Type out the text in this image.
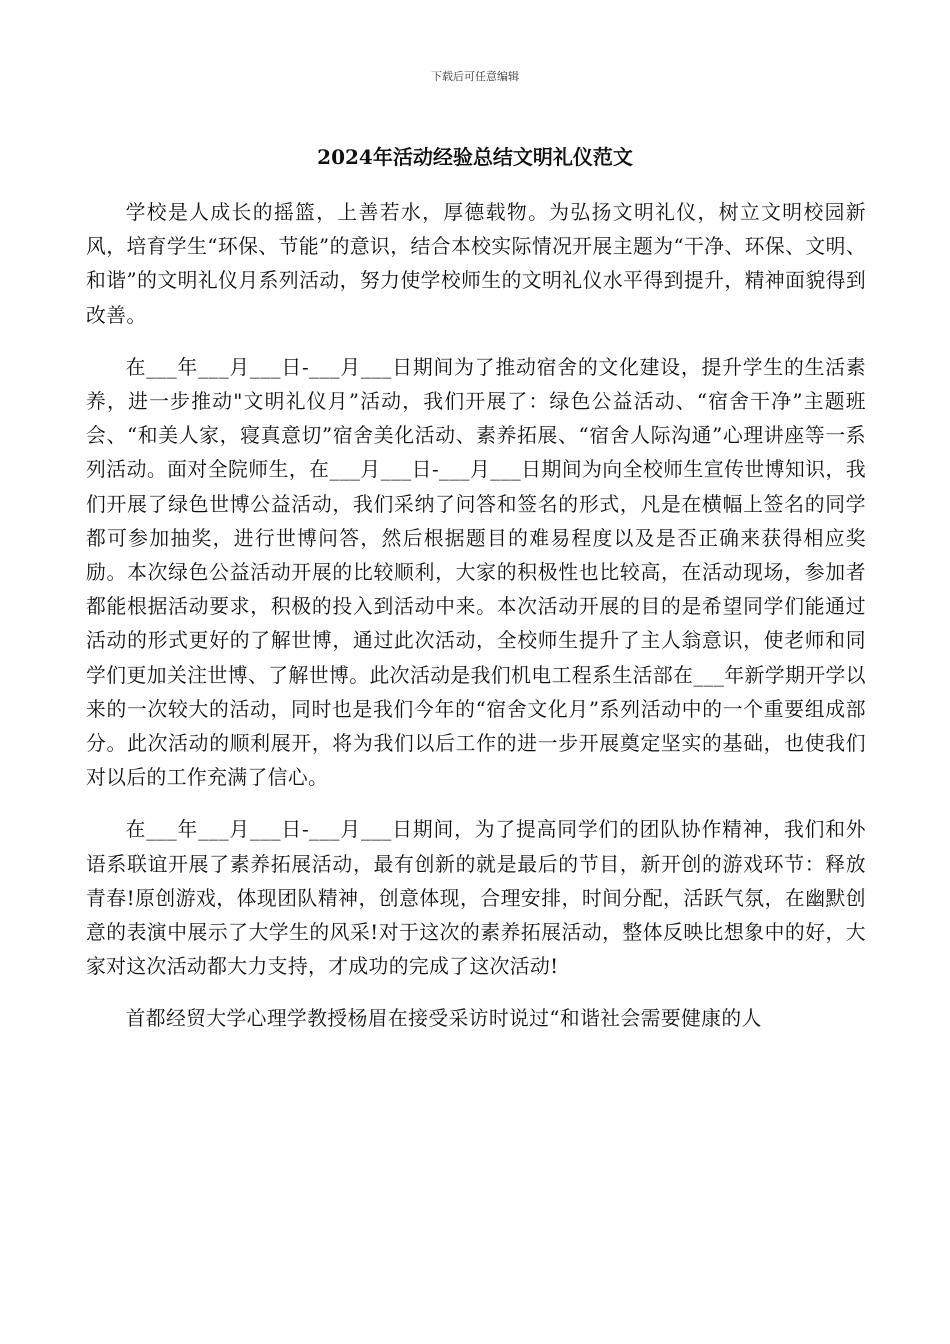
下载后可任意编辑
2024年活动经验总结文明礼仪范文

学校是人成长的摇篮，上善若水，厚德载物。为弘扬文明礼仪，树立文明校园新风，培育学生“环保、节能”的意识，结合本校实际情况开展主题为“干净、环保、文明、和谐”的文明礼仪月系列活动，努力使学校师生的文明礼仪水平得到提升，精神面貌得到改善。

在___年___月___日-___月___日期间为了推动宿舍的文化建设，提升学生的生活素养，进一步推动"文明礼仪月”活动，我们开展了：绿色公益活动、“宿舍干净”主题班会、“和美人家，寝真意切”宿舍美化活动、素养拓展、“宿舍人际沟通”心理讲座等一系列活动。面对全院师生，在___月___日-___月___日期间为向全校师生宣传世博知识，我们开展了绿色世博公益活动，我们采纳了问答和签名的形式，凡是在横幅上签名的同学都可参加抽奖，进行世博问答，然后根据题目的难易程度以及是否正确来获得相应奖励。本次绿色公益活动开展的比较顺利，大家的积极性也比较高，在活动现场，参加者都能根据活动要求，积极的投入到活动中来。本次活动开展的目的是希望同学们能通过活动的形式更好的了解世博，通过此次活动，全校师生提升了主人翁意识，使老师和同学们更加关注世博、了解世博。此次活动是我们机电工程系生活部在___年新学期开学以来的一次较大的活动，同时也是我们今年的“宿舍文化月”系列活动中的一个重要组成部分。此次活动的顺利展开，将为我们以后工作的进一步开展奠定坚实的基础，也使我们对以后的工作充满了信心。

在___年___月___日-___月___日期间，为了提高同学们的团队协作精神，我们和外语系联谊开展了素养拓展活动，最有创新的就是最后的节目，新开创的游戏环节：释放青春!原创游戏，体现团队精神，创意体现，合理安排，时间分配，活跃气氛，在幽默创意的表演中展示了大学生的风采!对于这次的素养拓展活动，整体反映比想象中的好，大家对这次活动都大力支持，才成功的完成了这次活动!

首都经贸大学心理学教授杨眉在接受采访时说过“和谐社会需要健康的人
